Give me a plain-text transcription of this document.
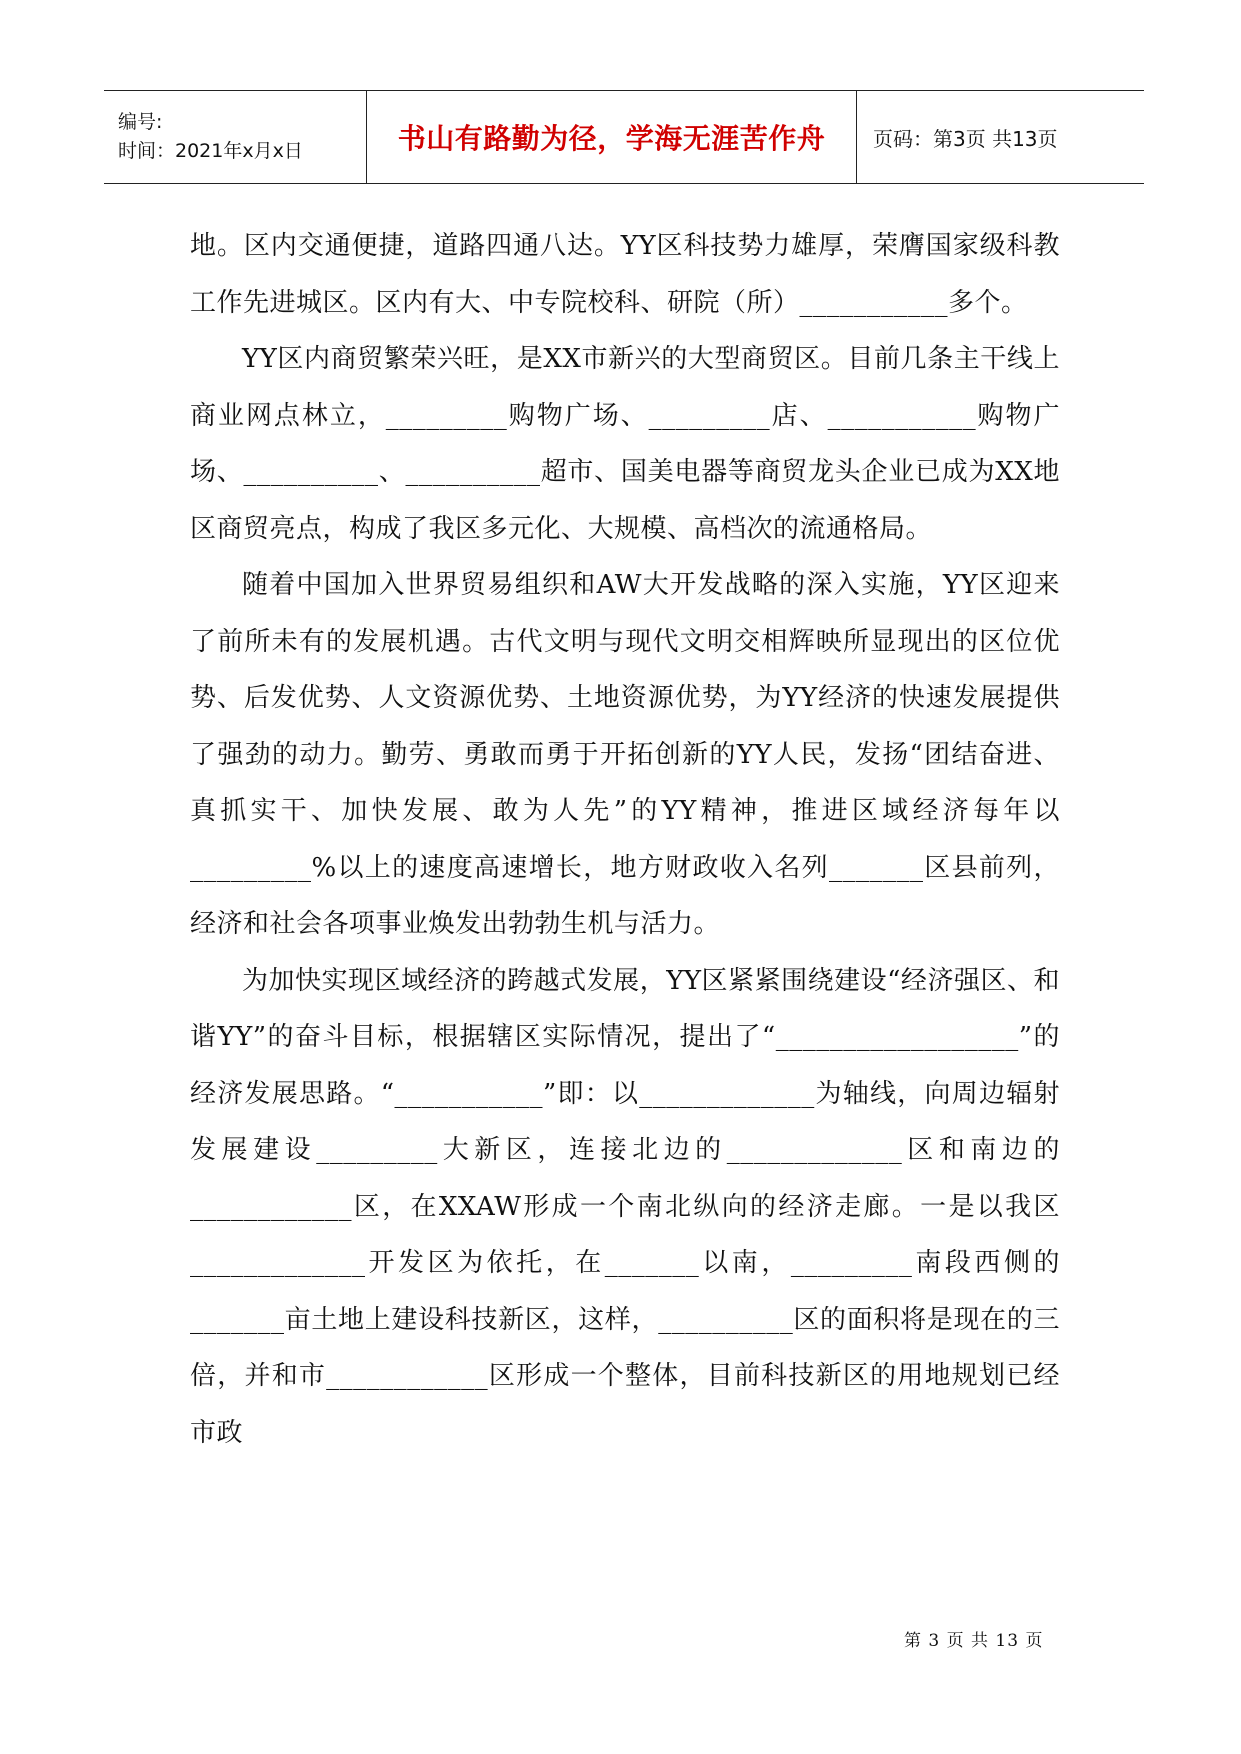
编号:
时间：2021年x月x日	书山有路勤为径，学海无涯苦作舟 页码：第3页 共13页

地。区内交通便捷，道路四通八达。YY区科技势力雄厚，荣膺国家级科教工作先进城区。区内有大、中专院校科、研院（所）___________多个。

YY区内商贸繁荣兴旺，是XX市新兴的大型商贸区。目前几条主干线上商业网点林立，_________购物广场、_________店、___________购物广场、__________、__________超市、国美电器等商贸龙头企业已成为XX地区商贸亮点，构成了我区多元化、大规模、高档次的流通格局。

随着中国加入世界贸易组织和AW大开发战略的深入实施，YY区迎来了前所未有的发展机遇。古代文明与现代文明交相辉映所显现出的区位优势、后发优势、人文资源优势、土地资源优势，为YY经济的快速发展提供了强劲的动力。勤劳、勇敢而勇于开拓创新的YY人民，发扬“团结奋进、真抓实干、加快发展、敢为人先”的YY精神，推进区域经济每年以_________%以上的速度高速增长，地方财政收入名列_______区县前列，经济和社会各项事业焕发出勃勃生机与活力。

为加快实现区域经济的跨越式发展，YY区紧紧围绕建设“经济强区、和谐YY”的奋斗目标，根据辖区实际情况，提出了“__________________”的经济发展思路。“___________”即：以_____________为轴线，向周边辐射发展建设_________大新区，连接北边的_____________区和南边的____________区，在XXAW形成一个南北纵向的经济走廊。一是以我区_____________开发区为依托，在_______以南，_________南段西侧的_______亩土地上建设科技新区，这样，__________区的面积将是现在的三倍，并和市____________区形成一个整体，目前科技新区的用地规划已经市政

第 3 页 共 13 页
